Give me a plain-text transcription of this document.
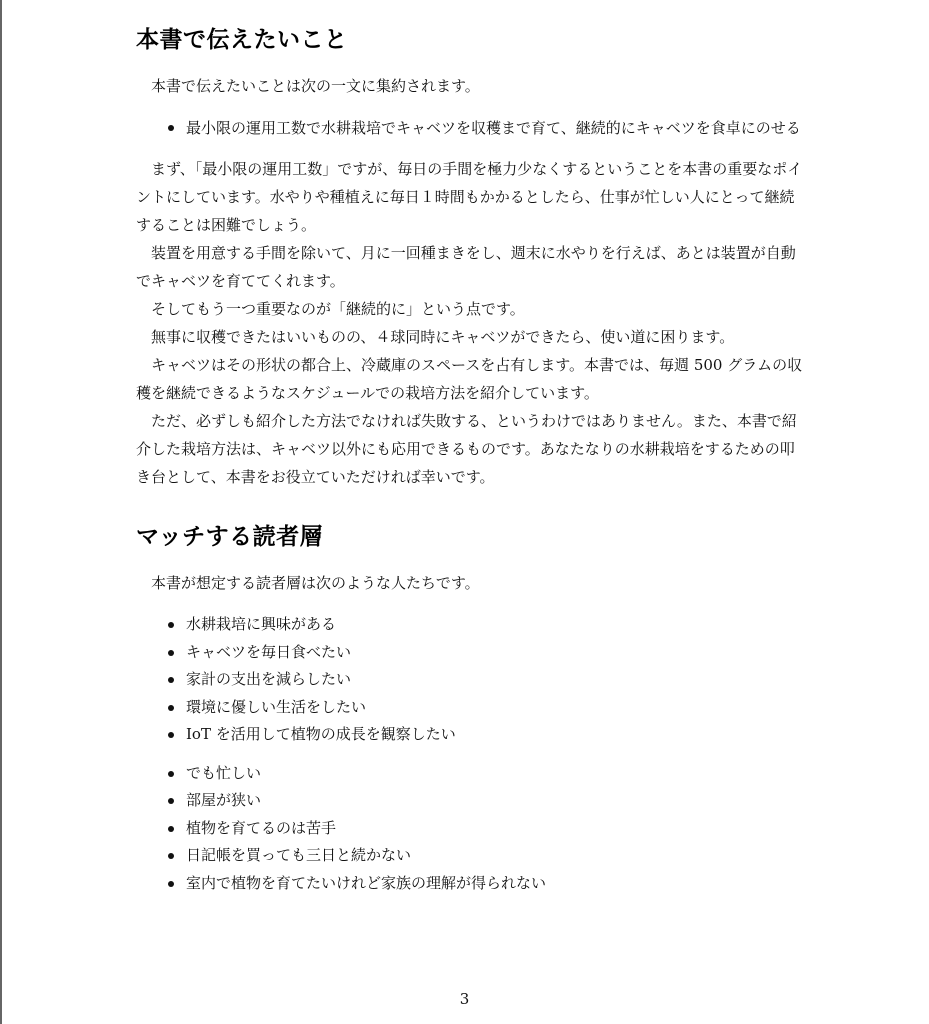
本書で伝えたいこと

本書で伝えたいことは次の一文に集約されます。

最小限の運用工数で水耕栽培でキャベツを収穫まで育て、継続的にキャベツを食卓にのせる

まず、「最小限の運用工数」ですが、毎日の手間を極力少なくするということを本書の重要なポイントにしています。水やりや種植えに毎日１時間もかかるとしたら、仕事が忙しい人にとって継続することは困難でしょう。

装置を用意する手間を除いて、月に一回種まきをし、週末に水やりを行えば、あとは装置が自動でキャベツを育ててくれます。

そしてもう一つ重要なのが「継続的に」という点です。

無事に収穫できたはいいものの、４球同時にキャベツができたら、使い道に困ります。

キャベツはその形状の都合上、冷蔵庫のスペースを占有します。本書では、毎週 500 グラムの収穫を継続できるようなスケジュールでの栽培方法を紹介しています。

ただ、必ずしも紹介した方法でなければ失敗する、というわけではありません。また、本書で紹介した栽培方法は、キャベツ以外にも応用できるものです。あなたなりの水耕栽培をするための叩き台として、本書をお役立ていただければ幸いです。

マッチする読者層

本書が想定する読者層は次のような人たちです。

水耕栽培に興味がある
キャベツを毎日食べたい
家計の支出を減らしたい
環境に優しい生活をしたい
IoT を活用して植物の成長を観察したい
でも忙しい
部屋が狭い
植物を育てるのは苦手
日記帳を買っても三日と続かない
室内で植物を育てたいけれど家族の理解が得られない
3
